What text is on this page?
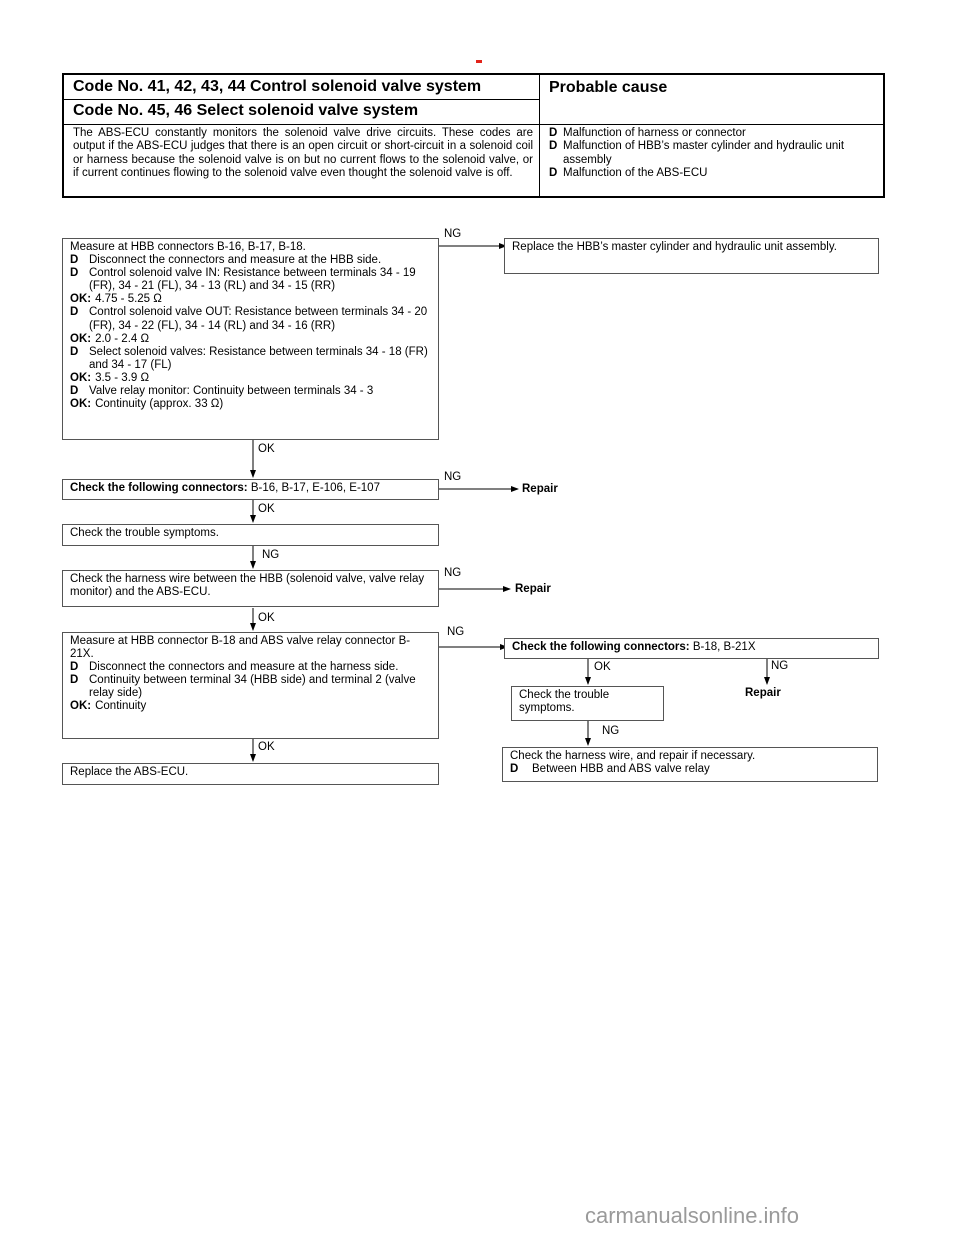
Code No. 41, 42, 43, 44 Control solenoid valve system
Code No. 45, 46 Select solenoid valve system
Probable cause
The ABS-ECU constantly monitors the solenoid valve drive circuits. These codes are output if the ABS-ECU judges that there is an open circuit or short-circuit in a solenoid coil or harness because the solenoid valve is on but no current flows to the solenoid valve, or if current continues flowing to the solenoid valve even thought the solenoid valve is off.
D Malfunction of harness or connector
D Malfunction of HBB’s master cylinder and hydraulic unit assembly
D Malfunction of the ABS-ECU
Measure at HBB connectors B-16, B-17, B-18.
D Disconnect the connectors and measure at the HBB side.
D Control solenoid valve IN: Resistance between terminals 34 - 19 (FR), 34 - 21 (FL), 34 - 13 (RL) and 34 - 15 (RR)
OK: 4.75 - 5.25 Ω
D Control solenoid valve OUT: Resistance between terminals 34 - 20 (FR), 34 - 22 (FL), 34 - 14 (RL) and 34 - 16 (RR)
OK: 2.0 - 2.4 Ω
D Select solenoid valves: Resistance between terminals 34 - 18 (FR) and 34 - 17 (FL)
OK: 3.5 - 3.9 Ω
D Valve relay monitor: Continuity between terminals 34 - 3
OK: Continuity (approx. 33 Ω)
NG
Replace the HBB’s master cylinder and hydraulic unit assembly.
OK
Check the following connectors: B-16, B-17, E-106, E-107
NG
Repair
OK
Check the trouble symptoms.
NG
Check the harness wire between the HBB (solenoid valve, valve relay monitor) and the ABS-ECU.
NG
Repair
OK
Measure at HBB connector B-18 and ABS valve relay connector B-21X.
D Disconnect the connectors and measure at the harness side.
D Continuity between terminal 34 (HBB side) and terminal 2 (valve relay side)
OK: Continuity
NG
OK
Replace the ABS-ECU.
Check the following connectors: B-18, B-21X
OK	NG
Check the trouble symptoms.
Repair
NG
Check the harness wire, and repair if necessary.
D Between HBB and ABS valve relay
carmanualsonline.info
